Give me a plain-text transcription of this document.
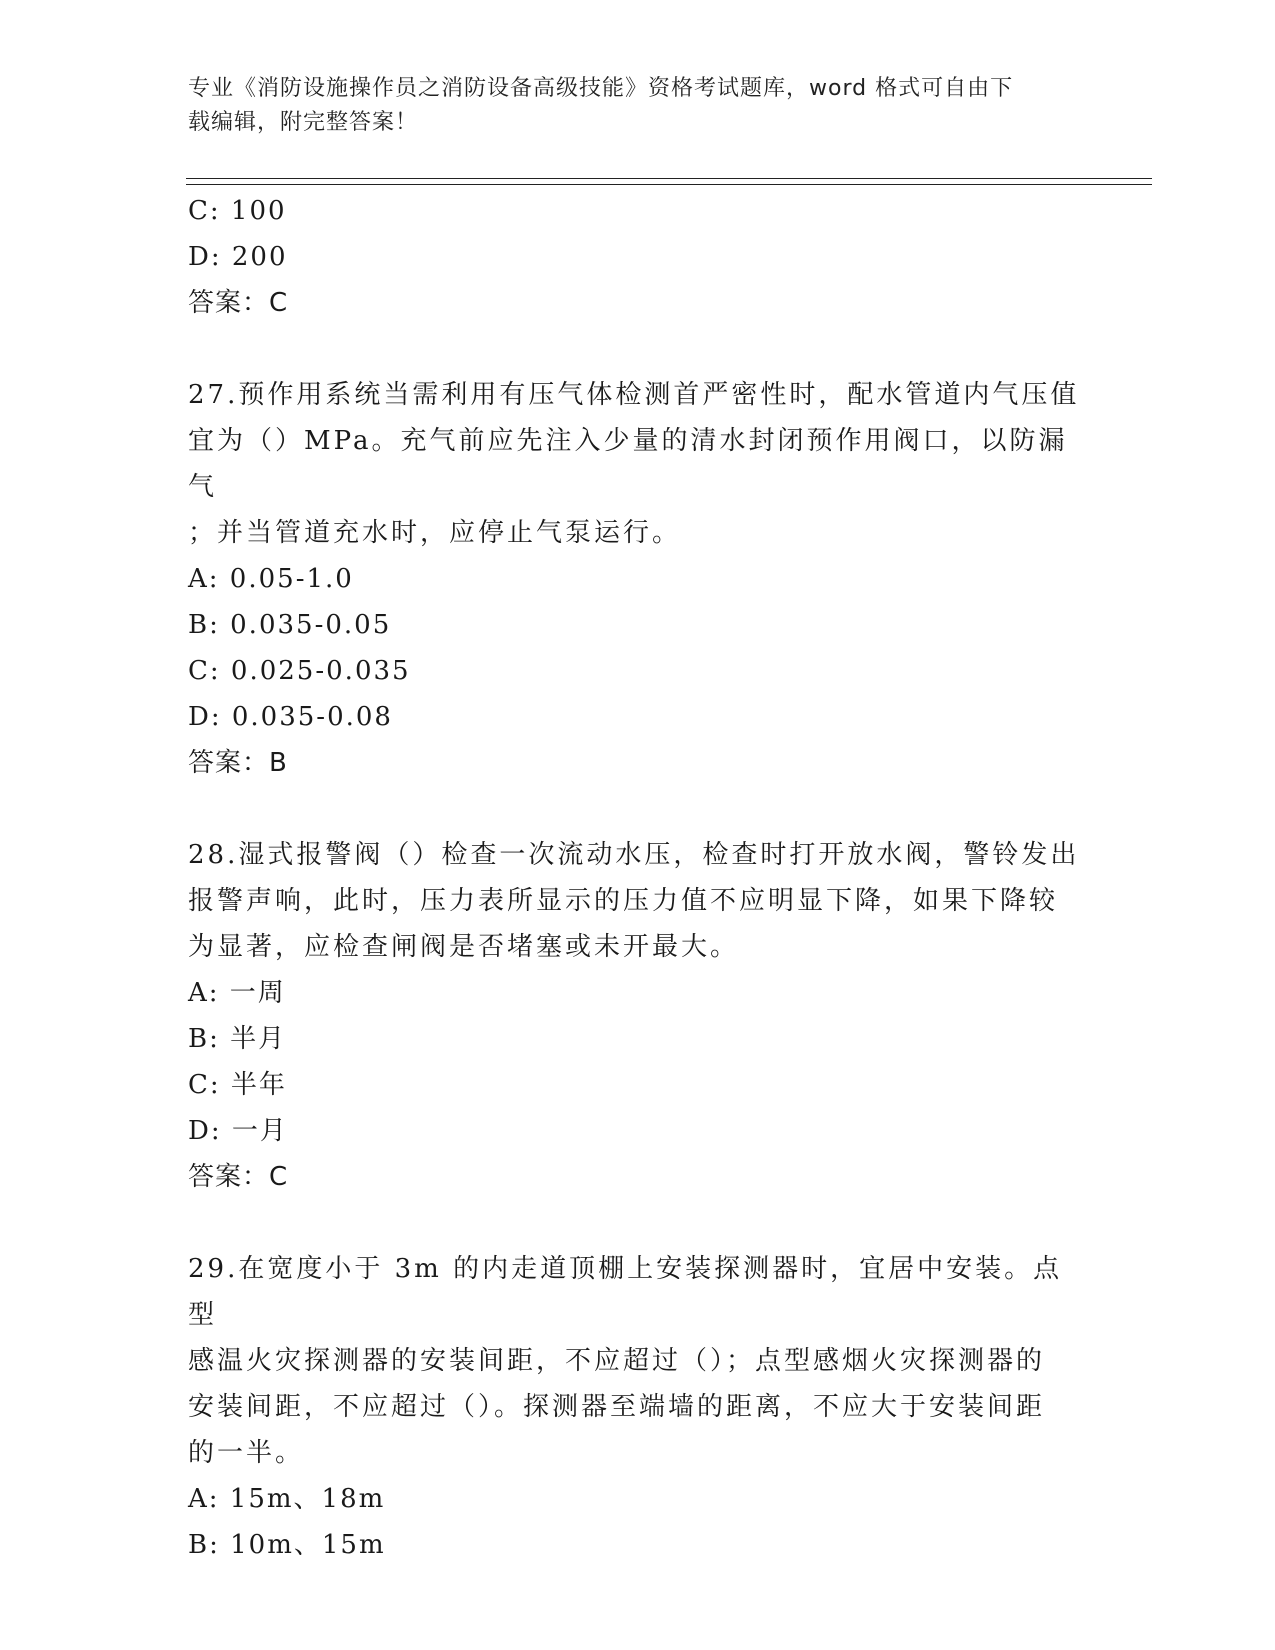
专业《消防设施操作员之消防设备高级技能》资格考试题库，word 格式可自由下
载编辑，附完整答案！
C: 100
D: 200
答案：C
27.预作用系统当需利用有压气体检测首严密性时，配水管道内气压值
宜为（）MPa。充气前应先注入少量的清水封闭预作用阀口，以防漏气
；并当管道充水时，应停止气泵运行。
A: 0.05-1.0
B: 0.035-0.05
C: 0.025-0.035
D: 0.035-0.08
答案：B
28.湿式报警阀（）检查一次流动水压，检查时打开放水阀，警铃发出
报警声响，此时，压力表所显示的压力值不应明显下降，如果下降较
为显著，应检查闸阀是否堵塞或未开最大。
A: 一周
B: 半月
C: 半年
D: 一月
答案：C
29.在宽度小于 3m 的内走道顶棚上安装探测器时，宜居中安装。点型
感温火灾探测器的安装间距，不应超过（）；点型感烟火灾探测器的
安装间距，不应超过（）。探测器至端墙的距离，不应大于安装间距
的一半。
A: 15m、18m
B: 10m、15m
